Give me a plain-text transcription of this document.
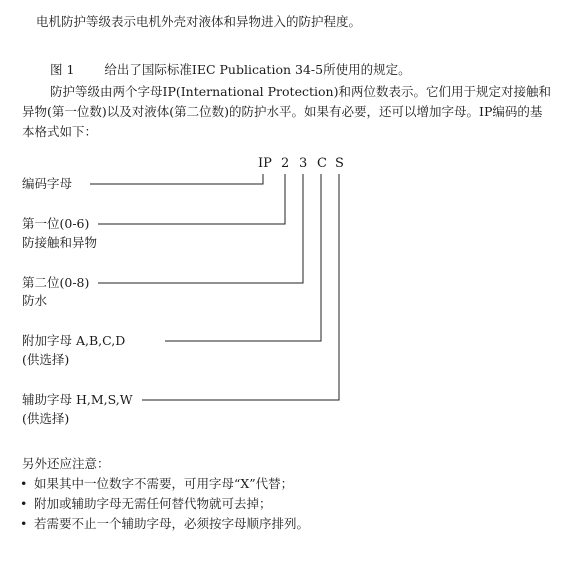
电机防护等级表示电机外壳对液体和异物进入的防护程度。
图 1 给出了国际标准IEC Publication 34-5所使用的规定。
防护等级由两个字母IP(International Protection)和两位数表示。它们用于规定对接触和异物(第一位数)以及对液体(第二位数)的防护水平。如果有必要，还可以增加字母。IP编码的基本格式如下：
IP 2 3 C S
编码字母
第一位(0-6)
防接触和异物
第二位(0-8)
防水
附加字母 A,B,C,D
(供选择)
辅助字母 H,M,S,W
(供选择)
另外还应注意：
• 如果其中一位数字不需要，可用字母“X”代替；
• 附加或辅助字母无需任何替代物就可去掉；
• 若需要不止一个辅助字母，必须按字母顺序排列。
